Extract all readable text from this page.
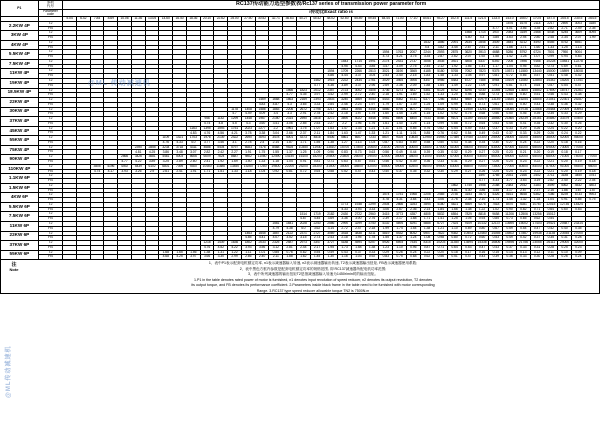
P1	参数
代号	RC137传动能力选型参数表/Rc137 series of transmission power parameter form																																						
	Parameter
code	i传动比Exact ratio is																																						
		5.04	6.42	7.84	8.69	10.06	11.36	13.05	14.60	16.40	18.36	20.10	22.62	25.00	27.50	30.52	32.71	36.63	40.27	45.42	48.02	52.60	55.89	59.45	64.44	71.00	77.10	84.61	93.27	102.5	111.5	121.0	133.0	143.0	155.0	170.5	187.0	205.5	230.5	264.5
2.2KW 4P	T2																																	1576	1675	2114	2217	2690	3003	3180
	FB																																4.77	4.01	3.56	3.35	2.82	2.71	2.49	2.35
3KW 4P	T2																														1568	1714	1937	2083	3159	2468	4038	4245	3609	4095
	FB																														4.80	4.3	3.85	3.63	2.94	2.80	2.48	2.34	2.07	1.99
4KW 4P	T2																											1632	1886	2091	2634	2846	3409	3844	4212	4490	5455	5752	6551	
	FB																											4.4	3.82	3.45	2.67	2.51	2.11	1.86	1.71	1.60	1.33	1.25	1.13	
5.5KW 4P	T2																								1594	1763	2007	2244	2593	2875	3620	3913	4688	5286	5792	6724	7501	7950	9004	
	FB																								4.73	4.21	3.75	3.34	2.87	2.62	2.07	1.92	1.58	1.42	1.28	1.07	0.99	0.94	0.83	
7.5KW 4P	T2																					1543	1714	1991	2174	2431	2737	3058	3535	3921	4808	5337	6392	7208	7896	9166	10228	10841	12278	
	FB																					4.95	4.43	3.85	3.47	3.09	2.75	2.45	2.12	1.92	1.56	1.41	1.17	1.04	0.95	0.82	0.73	0.69	0.61	
11KW 4P	T2																				1594	1709	2266	2513	3021	3190	3565	4185	5180	5765	7052	7823	9375	10571	11580	13440	15000	15899	18008	
	FB																				4.86	4.44	3.37	3.04	2.53	2.40	2.15	1.83	1.48	1.33	1.08	0.97	0.81	0.72	0.66	0.57	0.51	0.48	0.42	
15KW 4P	T2																			1462	1915	2222	2434	2761	3029	3464	3906	4347	4966	5483	6727	7485	8964	10109	11080	12853	14342	15200	17241	
	FB																			4.77	4.36	3.89	3.37	2.96	2.69	2.36	2.09	1.88	1.64	1.49	1.22	1.09	0.91	0.81	0.74	0.64	0.57	0.54	0.47	
18.5KW 4P	T2																	1566	1823	2012	2357	2723	3002	3405	3736	4273	4817	5361	6125	6762	8296	9230	11055	12468	13665	15852	17690	18747	21261	
	FB																	4.77	4.35	3.97	3.42	2.99	2.72	2.40	2.18	1.91	1.69	1.52	1.33	1.20	0.98	0.88	0.73	0.65	0.60	0.51	0.46	0.43	0.38	
22KW 4P	T2															1469	1668	1863	2169	2393	2803	3240	3569	4050	4443	5082	5731	6377	7286	8043	9869	10979	13149	14830	16254	18855	21041	22301	25287	
	FB															4.83	4.87	4.3	3.65	3.33	2.84	2.46	2.23	1.97	1.79	1.57	1.39	1.25	1.09	0.99	0.81	0.73	0.61	0.54	0.50	0.43	0.38	0.36	0.32	
30KW 4P	T2													1178	1408	1586	1883	2206	2672	2798	3217	3563	3946	4445	4866	6790	6077	7493	8828	9752	11959	13261	15955	18050	19736	22868	25484	27009	30593	
	FB													4.7	4.49	4.09	3.4	3.3	2.91	2.78	2.42	2.18	1.97	1.75	1.60	1.45	1.28	1.15	1.02	0.92	0.75	0.68	0.56	0.50	0.46	0.39	0.35	0.33	0.29	
37KW 4P	T2											956	1142	1299	1448	1967	2150	2314	2590	2816	3272	3690	4022	4548	4981	5696	6400	7033	8088	9101	11159	16430	18560	21860	24239	28161	30880	33379	37800	
	FB											4.74	4.8	4.5	4.3	3.60	3.41	3.06	2.85	2.53	2.27	2.2	1.96	1.76	1.61	1.40	1.25	1.14	0.99	0.88	0.72	0.64	0.53	0.45	0.41	0.35	0.32	0.30	0.26	
45KW 4P	T2										1163	1395	1593	1751	2023	2277	2.2	1961	1.75	1727	1.63	1.47	1.33	1.21	1.11	1.01	0.85	0.76	0.62	0.54	0.49	0.43	0.37	0.33	0.29	0.26	0.24	0.22	0.20	
	FB										4.83	4.76	4.56	4.21	3.78	3.38	3.04	2.66	2.37	2.11	1.84	1.63	1.47	1.33	1.21	1.11	1.01	0.85	0.76	0.62	0.54	0.49	0.43	0.37	0.33	0.29	0.26	0.24	0.22	
55KW 4P	T2								1109	1421	1703	1976	2139	2422	2690	3093	3478	4001	4373	4816	5406	5861	6607	7233	8607	9025	10830	12950	14950	17350	19780	22300	25000	28000	31000	34500	38000	42000	46000	
	FB								4.76	4.33	4.0	3.77	3.46	3.1	2.78	2.4	2.14	1.87	1.71	1.55	1.38	1.27	1.13	1.03	0.87	0.83	0.69	0.58	0.50	0.43	0.38	0.34	0.30	0.27	0.24	0.22	0.20	0.18	0.16	
75KW 4P	T2						2390	2855	3234	3718	4311	4686	5404	5797	6683	7476	8468	9525	10350	11930	13510	15700	17800	20600	23100	26700	30000	33500	37000	41000	45000	49000	53000	57000	61000	65000	69000	73000	77000	
	FB						4.81	4.25	3.86	3.48	3.07	2.82	2.42	2.27	1.91	1.75	1.55	1.37	1.25	1.09	0.96	0.83	0.73	0.63	0.56	0.49	0.44	0.39	0.35	0.32	0.29	0.27	0.25	0.23	0.21	0.20	0.19	0.18	0.17	
90KW 4P	T2					2866	3426	3681	4461	5003	5606	6009	7624	8687	9802	11060	12490	14140	16100	18200	20800	23400	26000	29000	32000	35000	38000	41000	44000	47000	50000	53000	56000	59000	62000	65000	68000	71000	74000	77000
	FB					4.77	4.22	3.89	3.25	2.89	2.60	2.41	1.92	1.69	1.50	1.33	1.18	1.04	0.91	0.81	0.71	0.63	0.57	0.51	0.46	0.42	0.39	0.36	0.33	0.31	0.29	0.27	0.26	0.24	0.23	0.22	0.21	0.20	0.19	0.18
110KW 4P	T2			3505	4196	4492	5439	6102	6801	7395	9300	10460	11880	13450	15260	17280	19600	22200	25200	28300	31500	35000	38500	42000	45500	49000	52500	56000	59500	63000	66500	70000	73500	77000	80500	84000	87500	91000	94500	98000
	FB			4.74	4.17	3.93	3.26	2.9	2.61	2.41	1.91	1.71	1.51	1.33	1.18	1.04	0.92	0.81	0.72	0.64	0.58	0.52	0.47	0.43	0.40	0.37	0.35	0.32	0.30	0.29	0.27	0.26	0.25	0.24	0.23	0.22	0.21	0.20	0.19	0.18
1.1KW 6P	T2																															1597	1765	2031	2166	2402	2711	3185	3450	3751
	FB																															4.77	4.33	3.77	3.53	3.19	2.82	2.40	2.22	2.04
1.5KW 6P	T2																													1562	1740	1956	2188	2383	2932	3183	3499	4062	4532	4803
	FB																													4.81	4.30	3.86	3.45	3.17	2.57	2.37	2.16	1.86	1.67	1.57
4KW 6P	T2																								1574	1751	1968	2205	2465	2730	3153	3573	4326	5161	5648	6362	7186	8239	8733	9903
	FB																								4.78	4.31	3.84	3.43	3.06	2.76	2.38	2.10	1.73	1.45	1.32	1.18	1.04	0.91	0.85	0.75
5.5KW 6P	T2																					1773	1938	2299	2504	2866	3253	3594	4180	4621	5569	6278	7518	8470	9281	10767	12015	12736	14424	
	FB																					4.33	3.93	3.33	3.06	2.67	2.36	2.14	1.84	1.66	1.38	1.22	1.02	0.90	0.82	0.71	0.64	0.60	0.53	
7.5KW 6P	T2																		1514	1719	2182	2430	2722	2960	3415	3773	4357	4805	5832	6554	7829	8818	9658	11206	12506	13256	15012			
	FB																		4.87	4.45	3.69	3.36	3.00	2.76	2.39	2.17	1.88	1.71	1.41	1.25	1.05	0.93	0.85	0.73	0.65	0.62	0.54			
11KW 6P	T2																1581	1841	2028	2240	2586	2990	3299	3740	4102	4694	5291	5885	6727	7424	9109	10132	12137	13690	15002	17403	19421	20587	23314	
	FB																4.79	4.38	4.0	3.62	3.14	2.72	2.47	2.18	1.99	1.74	1.54	1.38	1.21	1.10	0.89	0.80	0.67	0.59	0.54	0.47	0.42	0.40	0.35	
22KW 6P	T2														1463	1645	1857	2122	2371	2727	3069	3418	3838	4211	4819	5432	6042	6907	7622	9352	10403	12460	14055	15402	17867	19938	21135	23935	27000	
	FB														4.85	4.41	4.07	3.52	3.15	2.73	2.43	2.18	1.95	1.78	1.55	1.37	1.24	1.08	0.98	0.80	0.72	0.60	0.53	0.49	0.42	0.37	0.35	0.31	0.28	
37KW 6P	T2											1218	1439	1636	1802	2033	2325	2587	2973	3347	3727	4188	4594	5257	5926	6593	7534	8315	10203	11350	13594	15336	16806	19496	21756	23055	26111	29000	32000	
	FB											4.76	4.52	4.22	3.93	3.56	3.12	2.81	2.44	2.17	1.95	1.73	1.58	1.38	1.23	1.10	0.96	0.87	0.71	0.64	0.53	0.47	0.43	0.37	0.33	0.31	0.28	0.25	0.23	
55KW 6P	T2								1.68	1.65	1.56	1.38	1.31	1.22	1.11	1.01	0.85	0.76	0.62	0.54	0.49	0.43	0.37	0.33	0.29	0.26	0.24	0.22	0.20	0.18	0.17	0.16	0.15	0.14	0.13	0.12	0.11	0.10	0.09	
	FB								4.68	4.25	3.97	3.66	3.30	2.99	2.66	2.40	2.11	1.88	1.62	1.45	1.30	1.16	1.03	0.92	0.83	0.75	0.68	0.62	0.56	0.51	0.47	0.43	0.39	0.36	0.33	0.30	0.28	0.26	0.24	

注
Note
1、表中P1表示配套电机额定功率, n1表示减速器输入转速, n2表示减速器输出转速, T2表示减速器输出扭矩, FB表示减速器使用系数;
2、表中黑色方框内参数是配套电机额定功率的规格范围, 即 RC137减速器所配电机功率范围;
3、表中所列减速器的输出扭矩T2是指减速器输入转速为1450r/min时的输出扭矩。
1.P1 in the table denotes rated power of motor is furnished, n1 denotes input revolution of speed reducer, n2 denotes its output revolution, T2 denotes
its output torque, and FB denotes its performance coefficient. 2.Parameters inside black frame in the table need to be furnished with motor corresponding
Range. 3.RC137 type speed reducer allowable torque TN2 is 7500N.m
@ML 传动减速机
@ML传动减速机
